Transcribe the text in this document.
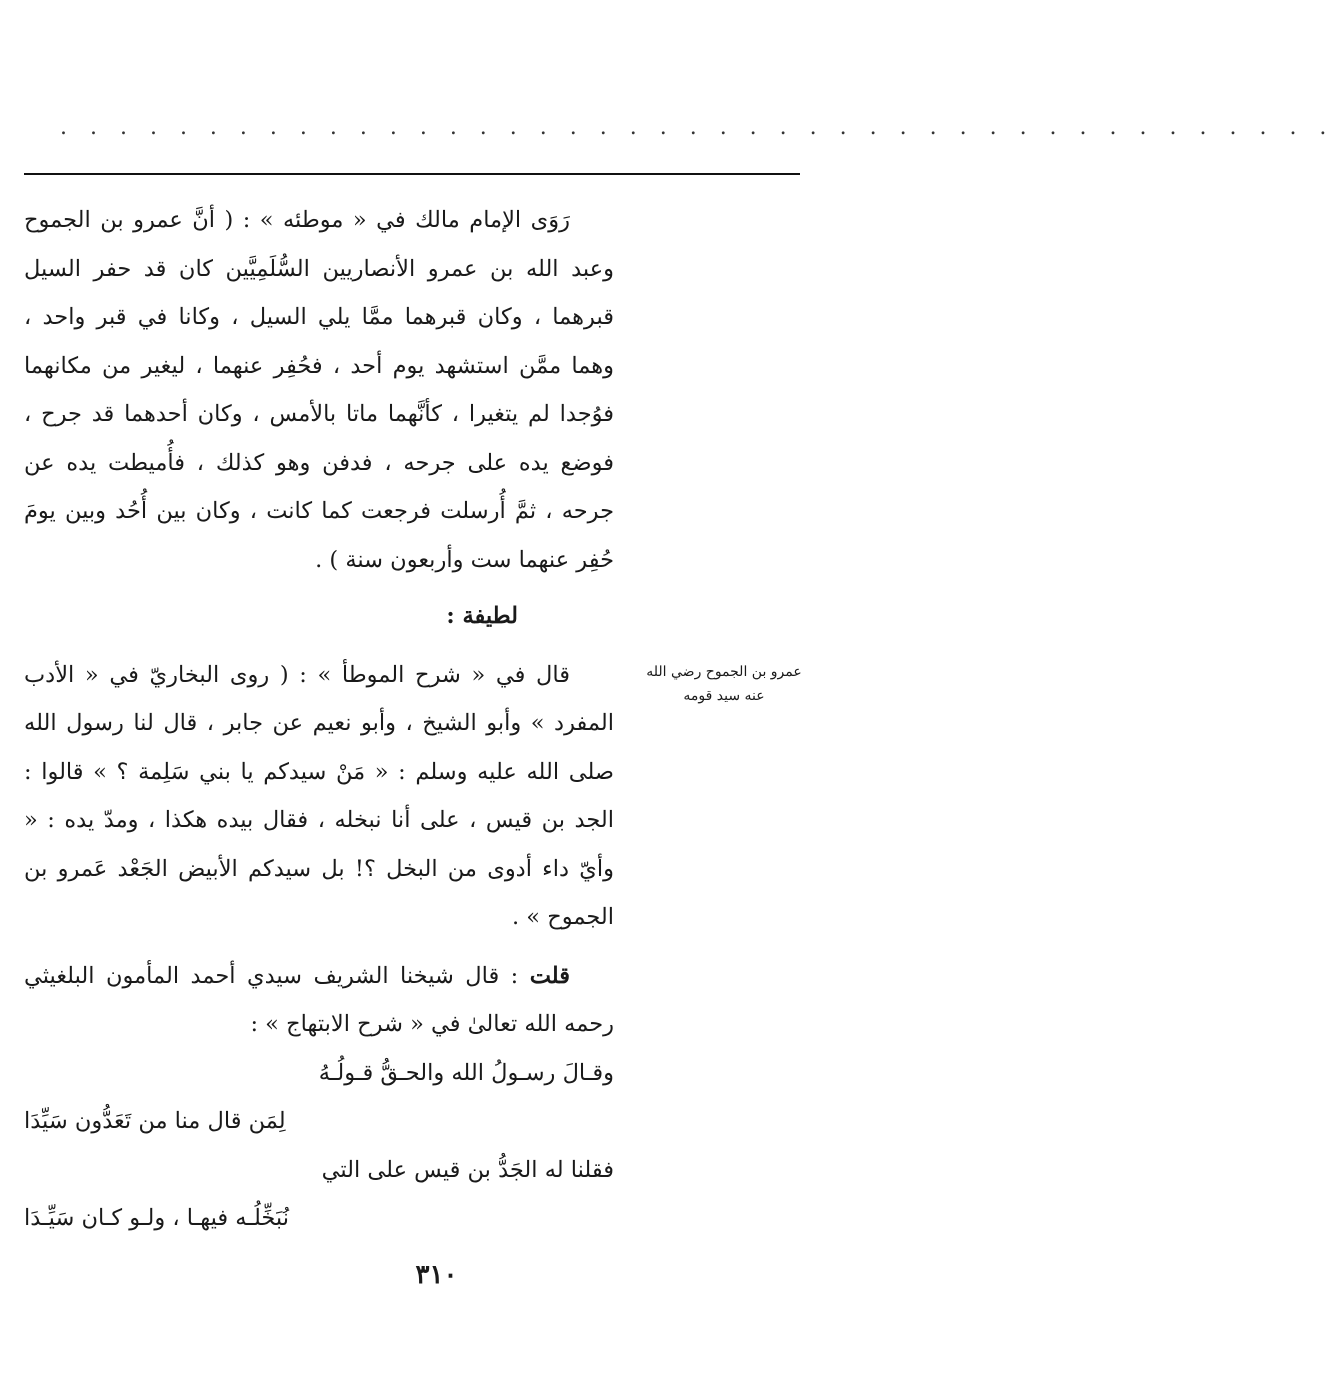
. . . . . . . . . . . . . . . . . . . . . . . . . . . . . . . . . . . . . . . . . . .

رَوَى الإمام مالك في « موطئه » : ( أنَّ عمرو بن الجموح وعبد الله بن عمرو الأنصاريين السُّلَمِيَّين كان قد حفر السيل قبرهما ، وكان قبرهما ممَّا يلي السيل ، وكانا في قبر واحد ، وهما ممَّن استشهد يوم أحد ، فحُفِر عنهما ، ليغير من مكانهما فوُجدا لم يتغيرا ، كأنَّهما ماتا بالأمس ، وكان أحدهما قد جرح ، فوضع يده على جرحه ، فدفن وهو كذلك ، فأُميطت يده عن جرحه ، ثمَّ أُرسلت فرجعت كما كانت ، وكان بين أُحُد وبين يومَ حُفِر عنهما ست وأربعون سنة ) .

لطيفة :

قال في « شرح الموطأ » : ( روى البخاريّ في « الأدب المفرد » وأبو الشيخ ، وأبو نعيم عن جابر ، قال لنا رسول الله صلى الله عليه وسلم : « مَنْ سيدكم يا بني سَلِمة ؟ » قالوا : الجد بن قيس ، على أنا نبخله ، فقال بيده هكذا ، ومدّ يده : « وأيّ داء أدوى من البخل ؟! بل سيدكم الأبيض الجَعْد عَمرو بن الجموح » .

قلت : قال شيخنا الشريف سيدي أحمد المأمون البلغيثي رحمه الله تعالىٰ في « شرح الابتهاج » :

وقـالَ رسـولُ الله والحـقُّ قـولُـهُ

لِمَن قال منا من تَعَدُّون سَيِّدَا

فقلنا له الجَدُّ بن قيس على التي

نُبَخِّلُـه فيهـا ، ولـو كـان سَيِّـدَا

عمرو بن الجموح رضي الله عنه سيد قومه
٣١٠
